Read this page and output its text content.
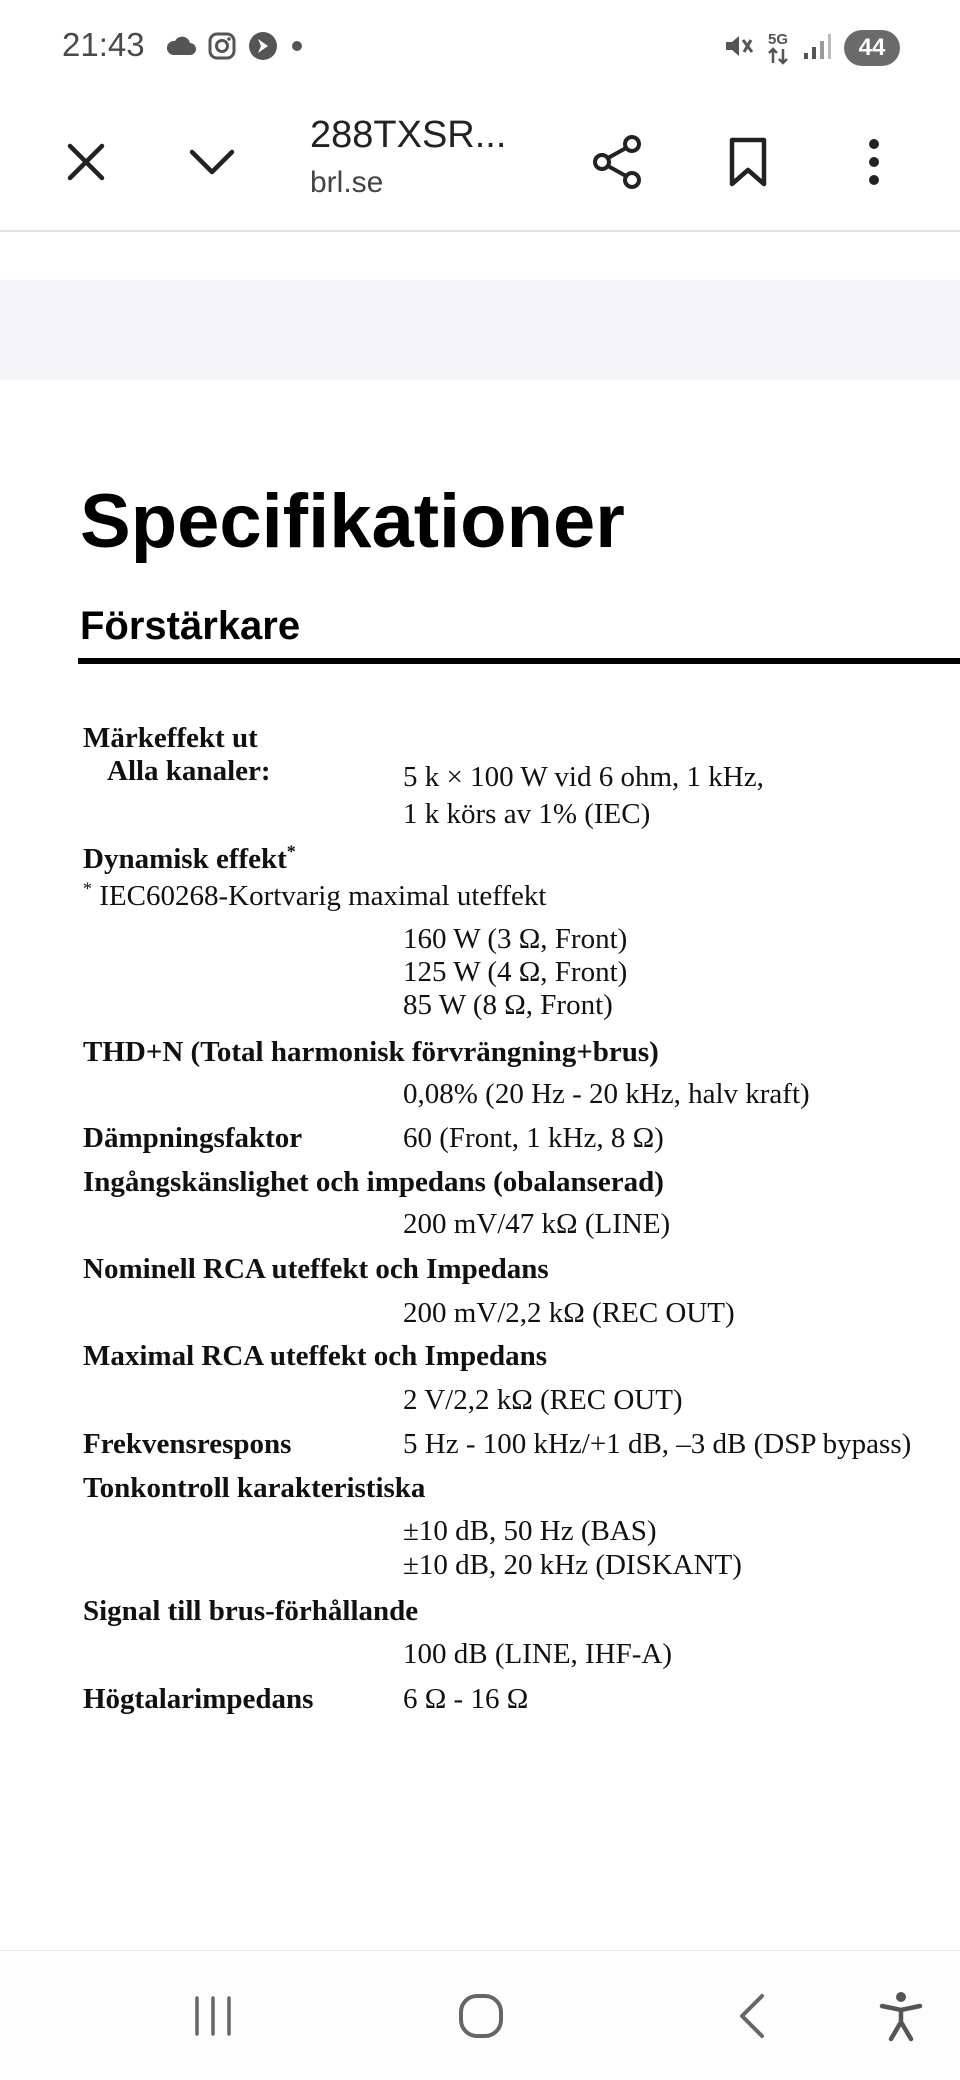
21:43	5G	44
288TXSR...
brl.se
Specifikationer
Förstärkare
Märkeffekt ut
Alla kanaler:	5 k × 100 W vid 6 ohm, 1 kHz,
1 k körs av 1% (IEC)
Dynamisk effekt*
* IEC60268-Kortvarig maximal uteffekt
160 W (3 Ω, Front)
125 W (4 Ω, Front)
85 W (8 Ω, Front)
THD+N (Total harmonisk förvrängning+brus)
0,08% (20 Hz - 20 kHz, halv kraft)
Dämpningsfaktor	60 (Front, 1 kHz, 8 Ω)
Ingångskänslighet och impedans (obalanserad)
200 mV/47 kΩ (LINE)
Nominell RCA uteffekt och Impedans
200 mV/2,2 kΩ (REC OUT)
Maximal RCA uteffekt och Impedans
2 V/2,2 kΩ (REC OUT)
Frekvensrespons	5 Hz - 100 kHz/+1 dB, –3 dB (DSP bypass)
Tonkontroll karakteristiska
±10 dB, 50 Hz (BAS)
±10 dB, 20 kHz (DISKANT)
Signal till brus-förhållande
100 dB (LINE, IHF-A)
Högtalarimpedans	6 Ω - 16 Ω
